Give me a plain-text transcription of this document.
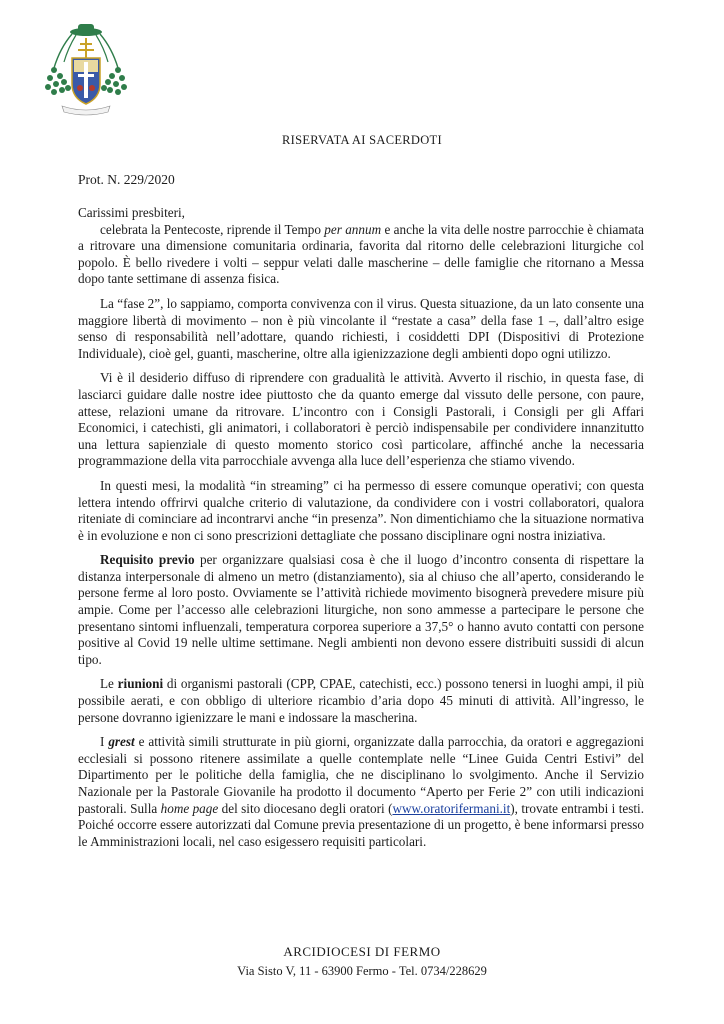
RISERVATA AI SACERDOTI
Prot. N. 229/2020

Carissimi presbiteri,

celebrata la Pentecoste, riprende il Tempo per annum e anche la vita delle nostre parrocchie è chiamata a ritrovare una dimensione comunitaria ordinaria, favorita dal ritorno delle celebrazioni liturgiche col popolo. È bello rivedere i volti – seppur velati dalle mascherine – delle famiglie che ritornano a Messa dopo tante settimane di assenza fisica.

La “fase 2”, lo sappiamo, comporta convivenza con il virus. Questa situazione, da un lato consente una maggiore libertà di movimento – non è più vincolante il “restate a casa” della fase 1 –, dall’altro esige senso di responsabilità nell’adottare, quando richiesti, i cosiddetti DPI (Dispositivi di Protezione Individuale), cioè gel, guanti, mascherine, oltre alla igienizzazione degli ambienti dopo ogni utilizzo.

Vi è il desiderio diffuso di riprendere con gradualità le attività. Avverto il rischio, in questa fase, di lasciarci guidare dalle nostre idee piuttosto che da quanto emerge dal vissuto delle persone, con paure, attese, relazioni umane da ritrovare. L’incontro con i Consigli Pastorali, i Consigli per gli Affari Economici, i catechisti, gli animatori, i collaboratori è perciò indispensabile per condividere innanzitutto una lettura sapienziale di questo momento storico così particolare, affinché anche la necessaria programmazione della vita parrocchiale avvenga alla luce dell’esperienza che stiamo vivendo.

In questi mesi, la modalità “in streaming” ci ha permesso di essere comunque operativi; con questa lettera intendo offrirvi qualche criterio di valutazione, da condividere con i vostri collaboratori, qualora riteniate di cominciare ad incontrarvi anche “in presenza”. Non dimentichiamo che la situazione normativa è in evoluzione e non ci sono prescrizioni dettagliate che possano disciplinare ogni nostra iniziativa.

Requisito previo per organizzare qualsiasi cosa è che il luogo d’incontro consenta di rispettare la distanza interpersonale di almeno un metro (distanziamento), sia al chiuso che all’aperto, considerando le persone ferme al loro posto. Ovviamente se l’attività richiede movimento bisognerà prevedere misure più ampie. Come per l’accesso alle celebrazioni liturgiche, non sono ammesse a partecipare le persone che presentano sintomi influenzali, temperatura corporea superiore a 37,5° o hanno avuto contatti con persone positive al Covid 19 nelle ultime settimane. Negli ambienti non devono essere distribuiti sussidi di alcun tipo.

Le riunioni di organismi pastorali (CPP, CPAE, catechisti, ecc.) possono tenersi in luoghi ampi, il più possibile aerati, e con obbligo di ulteriore ricambio d’aria dopo 45 minuti di attività. All’ingresso, le persone dovranno igienizzare le mani e indossare la mascherina.

I grest e attività simili strutturate in più giorni, organizzate dalla parrocchia, da oratori e aggregazioni ecclesiali si possono ritenere assimilate a quelle contemplate nelle “Linee Guida Centri Estivi” del Dipartimento per le politiche della famiglia, che ne disciplinano lo svolgimento. Anche il Servizio Nazionale per la Pastorale Giovanile ha prodotto il documento “Aperto per Ferie 2” con utili indicazioni pastorali. Sulla home page del sito diocesano degli oratori (www.oratorifermani.it), trovate entrambi i testi. Poiché occorre essere autorizzati dal Comune previa presentazione di un progetto, è bene informarsi presso le Amministrazioni locali, nel caso esigessero requisiti particolari.

ARCIDIOCESI DI FERMO
Via Sisto V, 11 - 63900 Fermo - Tel. 0734/228629
